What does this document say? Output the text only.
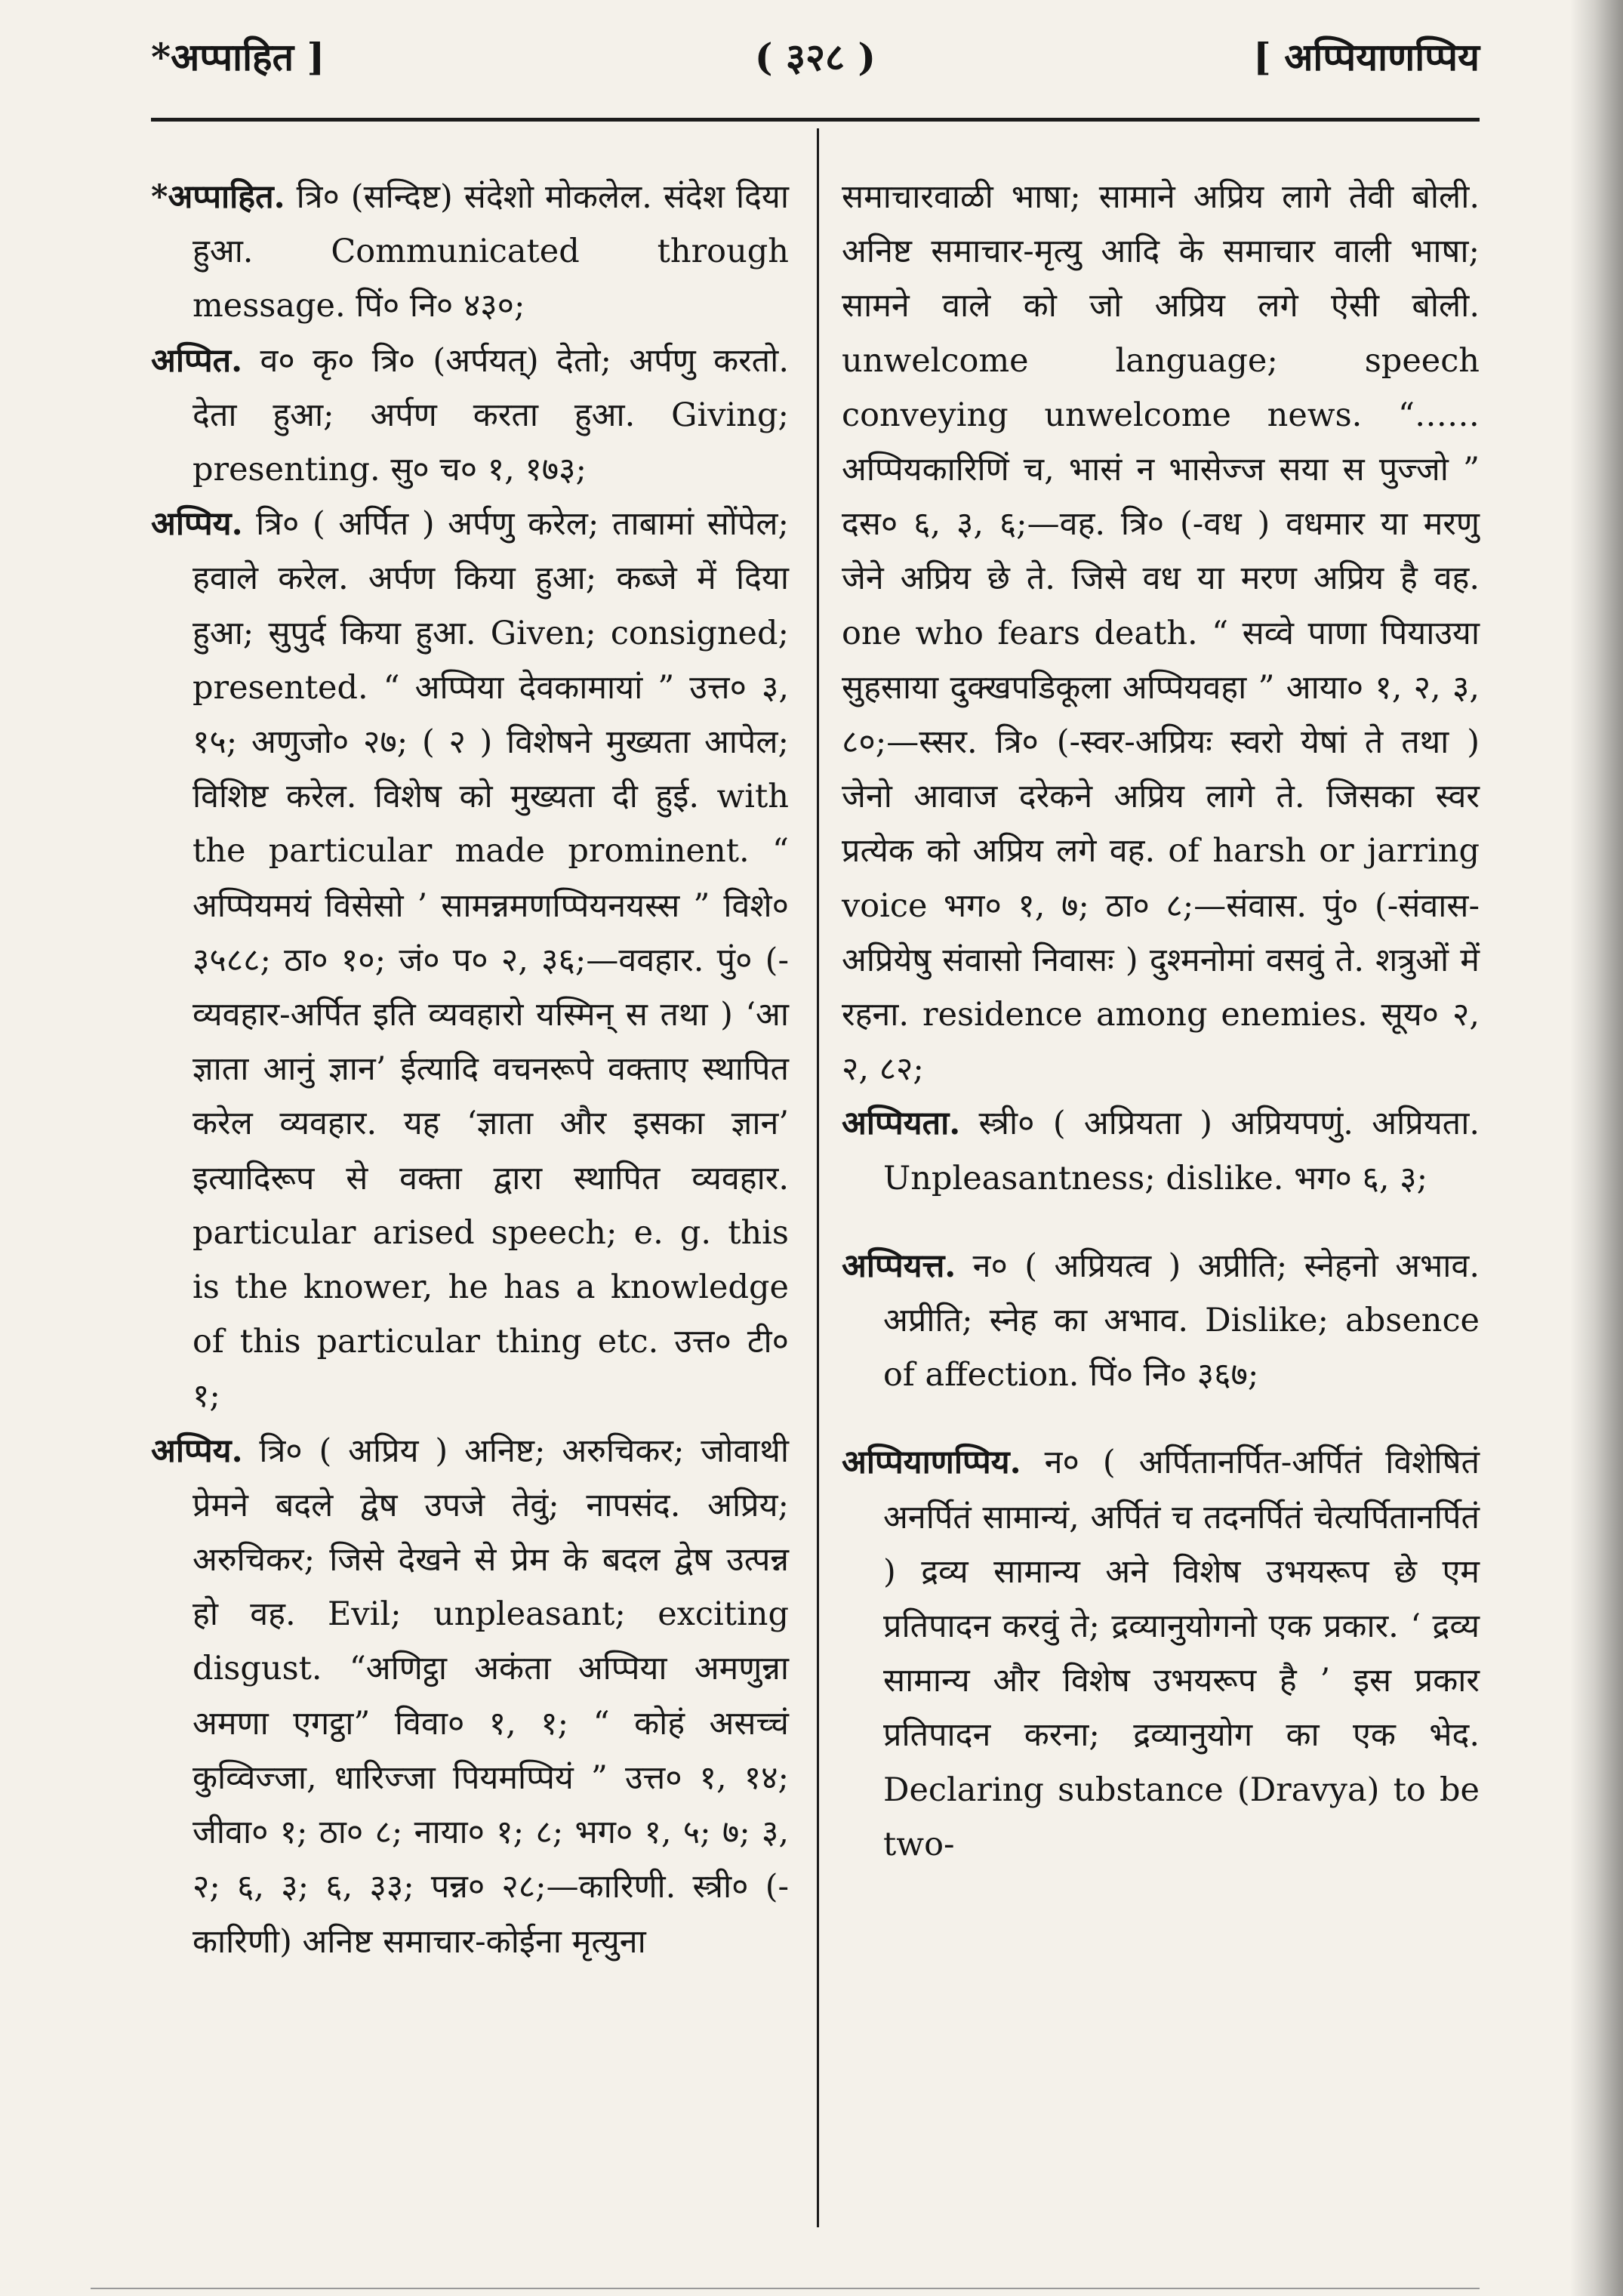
*अप्पाहित ]	( ३२८ )	[ अप्पियाणप्पिय

*अप्पाहित. त्रि० (सन्दिष्ट) संदेशो मोकलेल. संदेश दिया हुआ. Communicated through message. पिं० नि० ४३०;

अप्पित. व० कृ० त्रि० (अर्पयत्) देतो; अर्पणु करतो. देता हुआ; अर्पण करता हुआ. Giving; presenting. सु० च० १, १७३;

अप्पिय. त्रि० ( अर्पित ) अर्पणु करेल; ताबामां सोंपेल; हवाले करेल. अर्पण किया हुआ; कब्जे में दिया हुआ; सुपुर्द किया हुआ. Given; consigned; presented. “ अप्पिया देवकामायां ” उत्त० ३, १५; अणुजो० २७; ( २ ) विशेषने मुख्यता आपेल; विशिष्ट करेल. विशेष को मुख्यता दी हुई. with the particular made prominent. “ अप्पियमयं विसेसो ’ सामन्नमणप्पियनयस्स ” विशे० ३५८८; ठा० १०; जं० प० २, ३६;—ववहार. पुं० (-व्यवहार-अर्पित इति व्यवहारो यस्मिन् स तथा ) ‘आ ज्ञाता आनुं ज्ञान’ ईत्यादि वचनरूपे वक्ताए स्थापित करेल व्यवहार. यह ‘ज्ञाता और इसका ज्ञान’ इत्यादिरूप से वक्ता द्वारा स्थापित व्यवहार. particular arised speech; e. g. this is the knower, he has a knowledge of this particular thing etc. उत्त० टी० १;

अप्पिय. त्रि० ( अप्रिय ) अनिष्ट; अरुचिकर; जोवाथी प्रेमने बदले द्वेष उपजे तेवुं; नापसंद. अप्रिय; अरुचिकर; जिसे देखने से प्रेम के बदल द्वेष उत्पन्न हो वह. Evil; unpleasant; exciting disgust. “अणिट्ठा अकंता अप्पिया अमणुन्ना अमणा एगट्ठा” विवा० १, १; “ कोहं असच्चं कुव्विज्जा, धारिज्जा पियमप्पियं ” उत्त० १, १४; जीवा० १; ठा० ८; नाया० १; ८; भग० १, ५; ७; ३, २; ६, ३; ६, ३३; पन्न० २८;—कारिणी. स्त्री० (-कारिणी) अनिष्ट समाचार-कोईना मृत्युना

समाचारवाळी भाषा; सामाने अप्रिय लागे तेवी बोली. अनिष्ट समाचार-मृत्यु आदि के समाचार वाली भाषा; सामने वाले को जो अप्रिय लगे ऐसी बोली. unwelcome language; speech conveying unwelcome news. “……अप्पियकारिणिं च, भासं न भासेज्ज सया स पुज्जो ” दस० ६, ३, ६;—वह. त्रि० (-वध ) वधमार या मरणु जेने अप्रिय छे ते. जिसे वध या मरण अप्रिय है वह. one who fears death. “ सव्वे पाणा पियाउया सुहसाया दुक्खपडिकूला अप्पियवहा ” आया० १, २, ३, ८०;—स्सर. त्रि० (-स्वर-अप्रियः स्वरो येषां ते तथा ) जेनो आवाज दरेकने अप्रिय लागे ते. जिसका स्वर प्रत्येक को अप्रिय लगे वह. of harsh or jarring voice भग० १, ७; ठा० ८;—संवास. पुं० (-संवास-अप्रियेषु संवासो निवासः ) दुश्मनोमां वसवुं ते. शत्रुओं में रहना. residence among enemies. सूय० २, २, ८२;

अप्पियता. स्त्री० ( अप्रियता ) अप्रियपणुं. अप्रियता. Unpleasantness; dislike. भग० ६, ३;

अप्पियत्त. न० ( अप्रियत्व ) अप्रीति; स्नेहनो अभाव. अप्रीति; स्नेह का अभाव. Dislike; absence of affection. पिं० नि० ३६७;

अप्पियाणप्पिय. न० ( अर्पितानर्पित-अर्पितं विशेषितं अनर्पितं सामान्यं, अर्पितं च तदनर्पितं चेत्यर्पितानर्पितं ) द्रव्य सामान्य अने विशेष उभयरूप छे एम प्रतिपादन करवुं ते; द्रव्यानुयोगनो एक प्रकार. ‘ द्रव्य सामान्य और विशेष उभयरूप है ’ इस प्रकार प्रतिपादन करना; द्रव्यानुयोग का एक भेद. Declaring substance (Dravya) to be two-
